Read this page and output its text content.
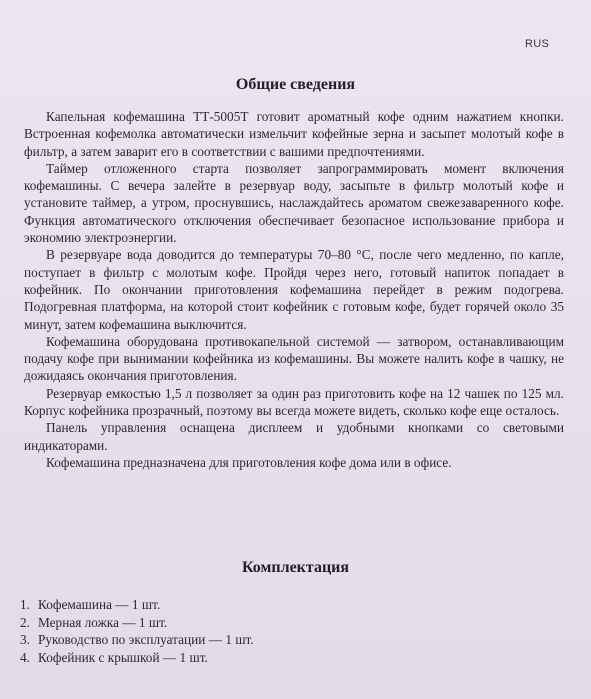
RUS
Общие сведения

Капельная кофемашина ТТ-5005Т готовит ароматный кофе одним нажатием кнопки. Встроенная кофемолка автоматически измельчит кофейные зерна и засыпет молотый кофе в фильтр, а затем заварит его в соответствии с вашими предпочтениями.

Таймер отложенного старта позволяет запрограммировать момент включения кофемашины. С вечера залейте в резервуар воду, засыпьте в фильтр молотый кофе и установите таймер, а утром, проснувшись, наслаждайтесь ароматом свежезаваренного кофе. Функция автоматического отключения обеспечивает безопасное использование прибора и экономию электроэнергии.

В резервуаре вода доводится до температуры 70–80 °С, после чего медленно, по капле, поступает в фильтр с молотым кофе. Пройдя через него, готовый напиток попадает в кофейник. По окончании приготовления кофемашина перейдет в режим подогрева. Подогревная платформа, на которой стоит кофейник с готовым кофе, будет горячей около 35 минут, затем кофемашина выключится.

Кофемашина оборудована противокапельной системой — затвором, останавливающим подачу кофе при вынимании кофейника из кофемашины. Вы можете налить кофе в чашку, не дожидаясь окончания приготовления.

Резервуар емкостью 1,5 л позволяет за один раз приготовить кофе на 12 чашек по 125 мл. Корпус кофейника прозрачный, поэтому вы всегда можете видеть, сколько кофе еще осталось.

Панель управления оснащена дисплеем и удобными кнопками со световыми индикаторами.

Кофемашина предназначена для приготовления кофе дома или в офисе.

Комплектация
1. Кофемашина — 1 шт.
2. Мерная ложка — 1 шт.
3. Руководство по эксплуатации — 1 шт.
4. Кофейник с крышкой — 1 шт.
